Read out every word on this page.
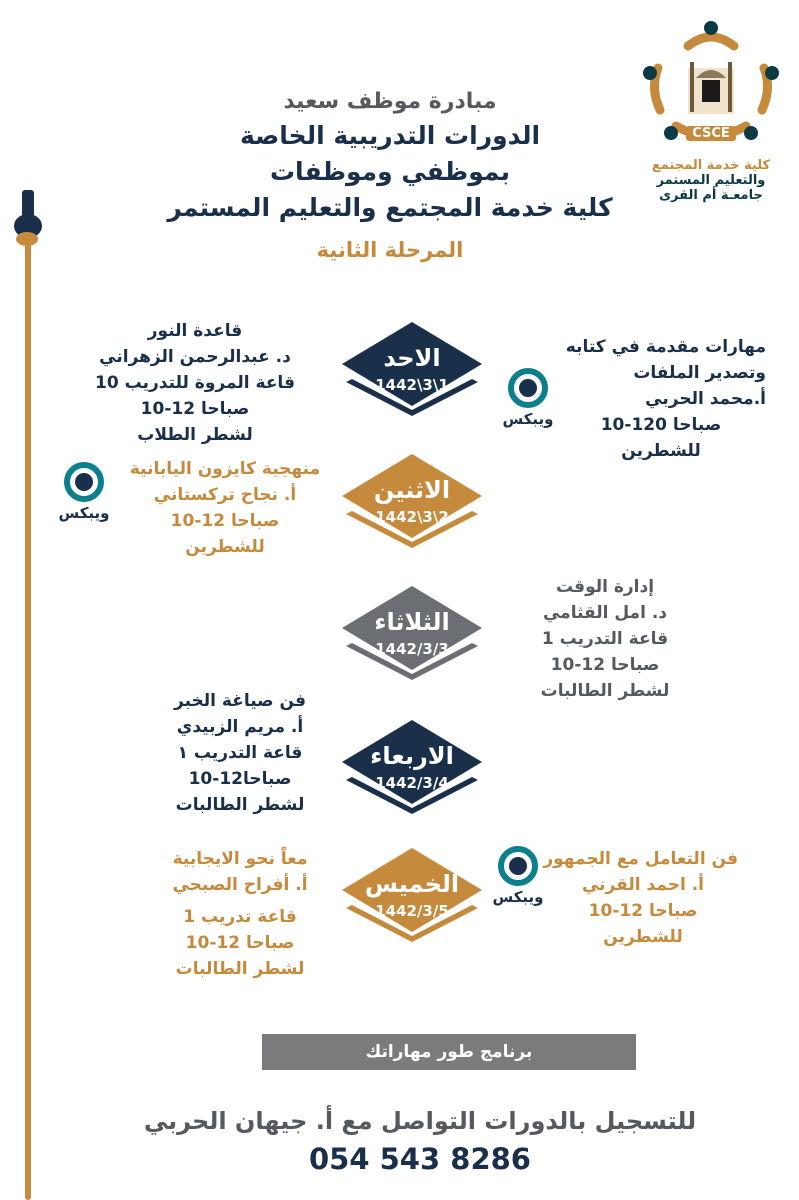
CSCE
كلية خدمة المجتمع
والتعليم المستمر
جامعـة أم القرى
مبادرة موظف سعيد
الدورات التدريبية الخاصة
بموظفي وموظفات
كلية خدمة المجتمع والتعليم المستمر
المرحلة الثانية
الاحد
1442\3\1
الاثنين
1442\3\2
الثلاثاء
1442/3/3
الاربعاء
1442/3/4
الخميس
1442/3/5
ويبكس
ويبكس
ويبكس
قاعدة النور
د. عبدالرحمن الزهراني
قاعة المروة للتدريب 10
صباحا 12-10
لشطر الطلاب
مهارات مقدمة في كتابه
وتصدير الملفات
أ.محمد الحربي
صباحا 120-10
للشطرين
منهجية كايزون اليابانية
أ. نجاح تركستاني
صباحا 12-10
للشطرين
إدارة الوقت
د. امل القثامي
قاعة التدريب 1
صباحا 12-10
لشطر الطالبات
فن صياغة الخبر
أ. مريم الزبيدي
قاعة التدريب ١
صباحا12-10
لشطر الطالبات
معاً نحو الايجابية
أ. أفراح الصبحي
قاعة تدريب 1
صباحا 12-10
لشطر الطالبات
فن التعامل مع الجمهور
أ. احمد القرني
صباحا 12-10
للشطرين
برنامج طور مهاراتك
للتسجيل بالدورات التواصل مع أ. جيهان الحربي
054 543 8286
